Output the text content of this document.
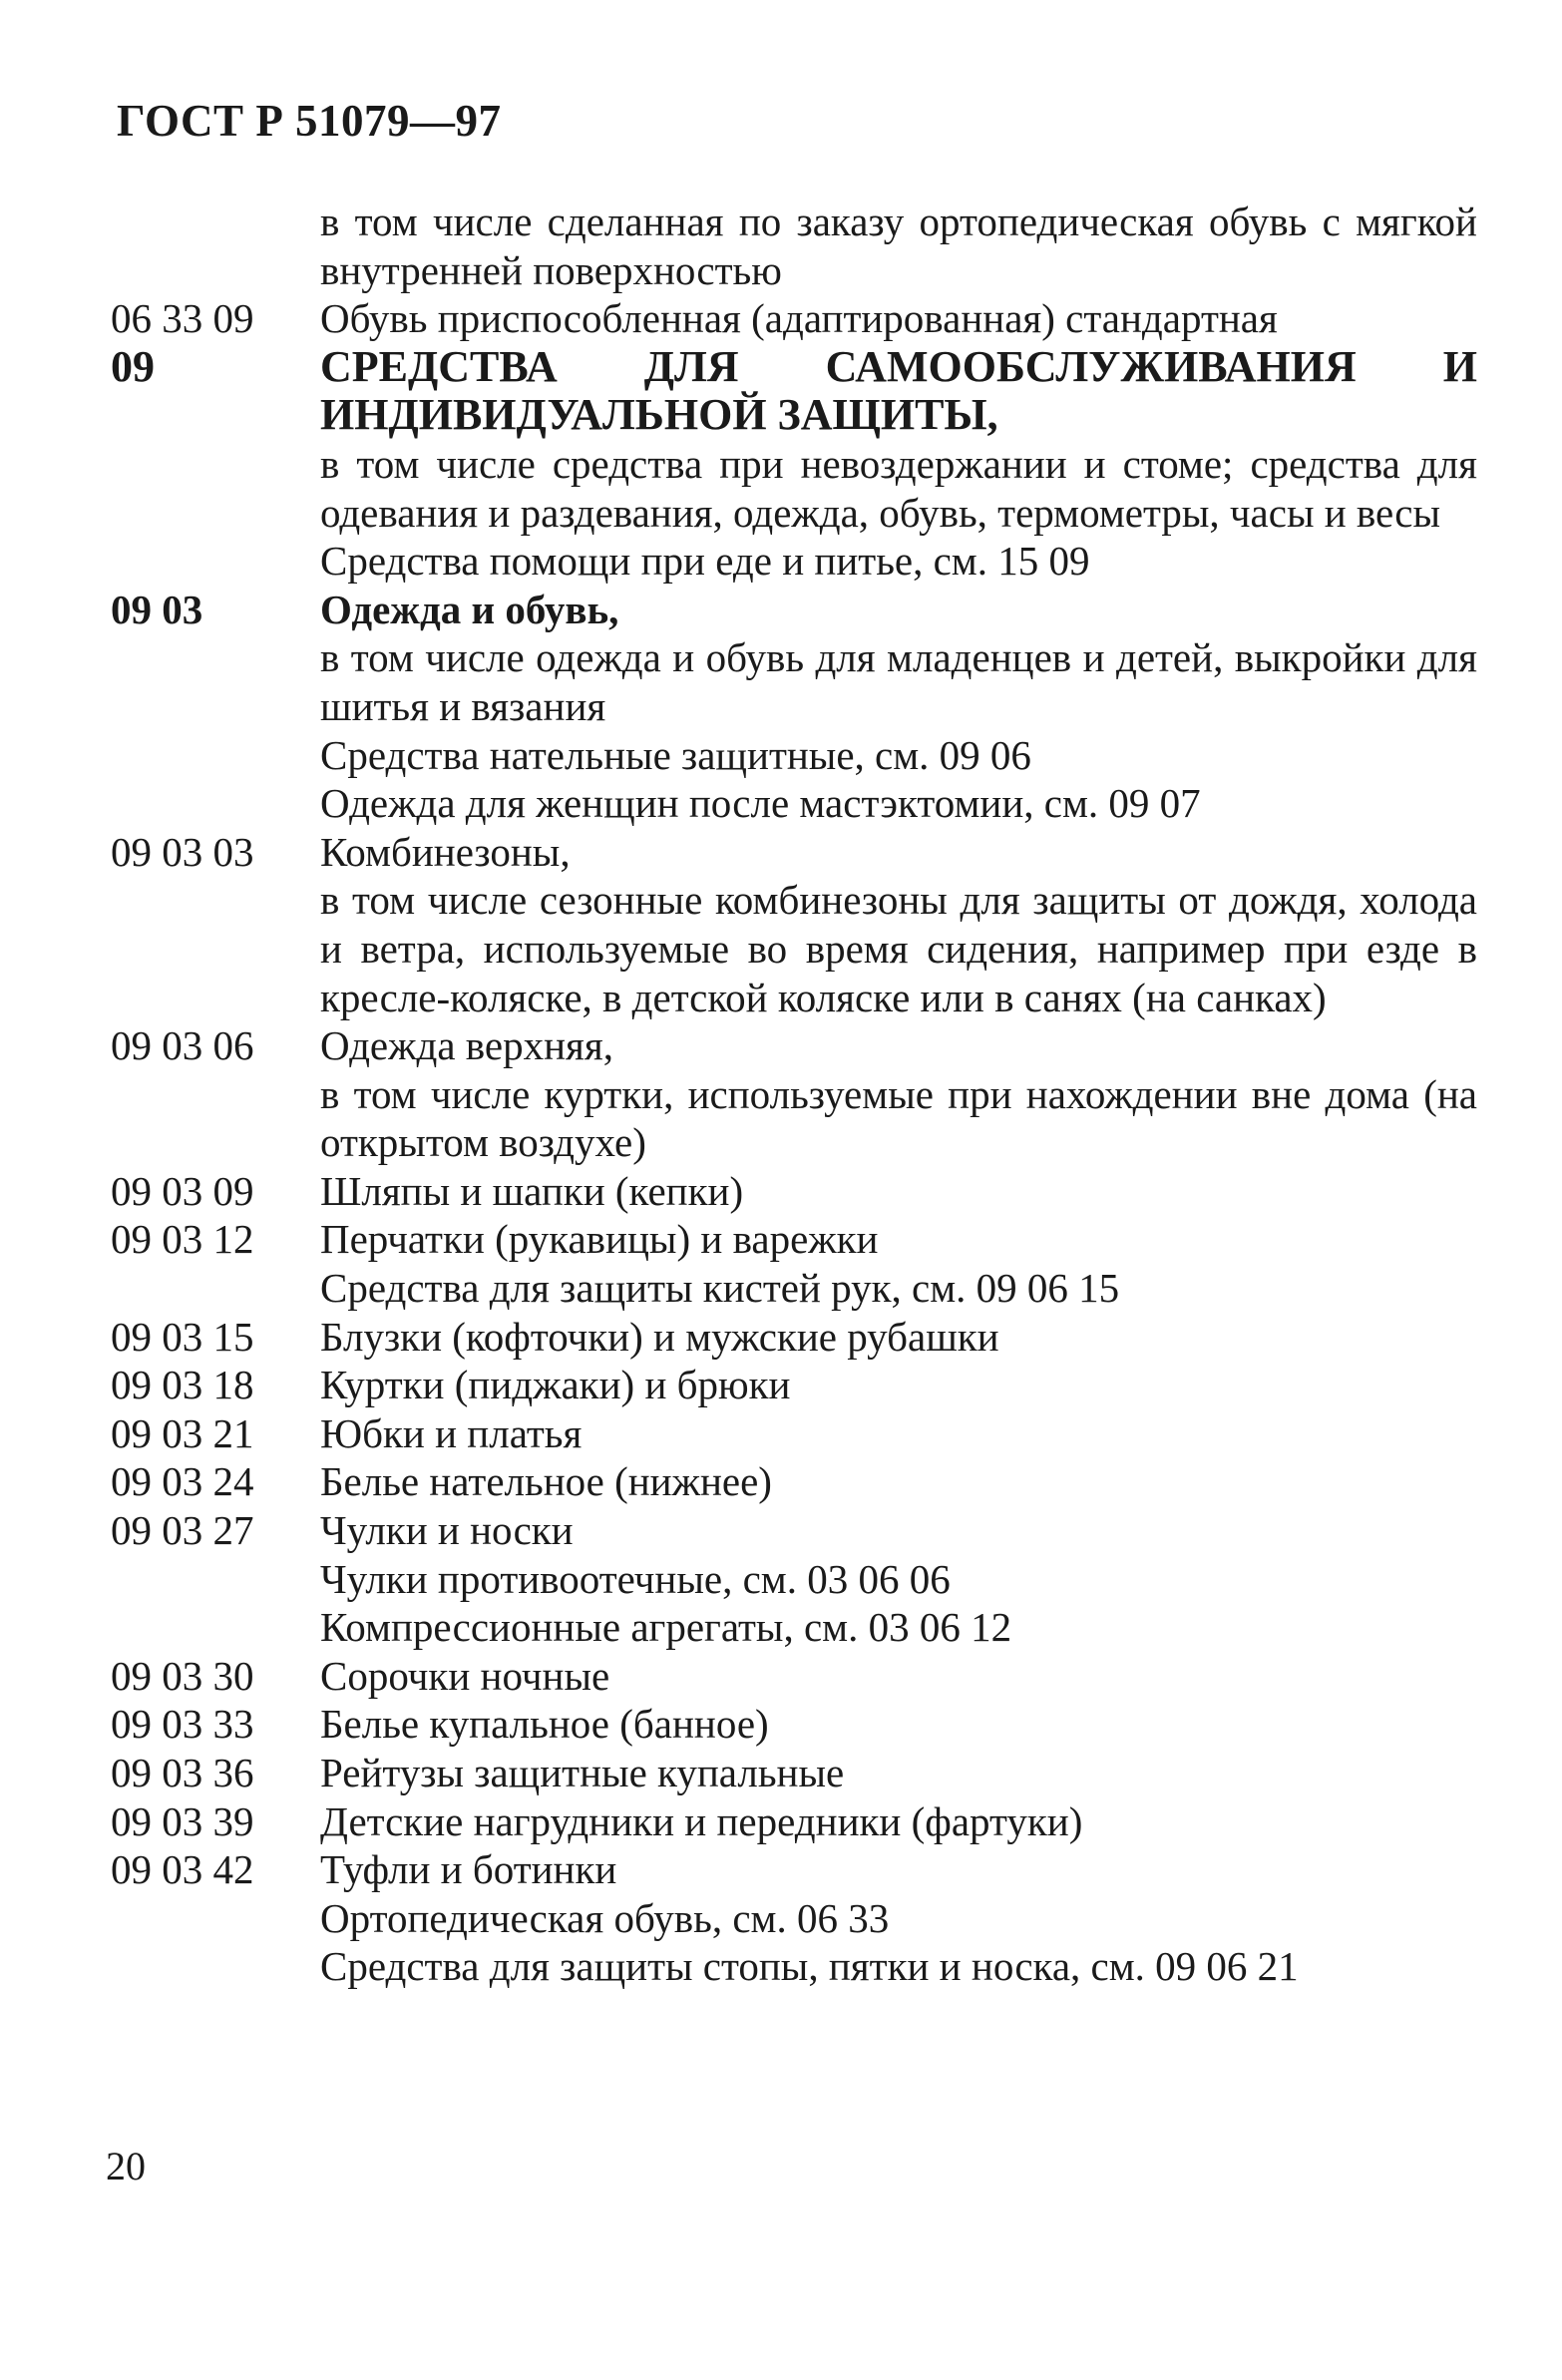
ГОСТ Р 51079—97
в том числе сделанная по заказу ортопедическая обувь с мягкой внутренней поверхностью
06 33 09	Обувь приспособленная (адаптированная) стандартная
09	СРЕДСТВА ДЛЯ САМООБСЛУЖИВАНИЯ И ИНДИВИДУАЛЬНОЙ ЗАЩИТЫ,
в том числе средства при невоздержании и стоме; средства для одевания и раздевания, одежда, обувь, термометры, часы и весы
Средства помощи при еде и питье, см. 15 09
09 03	Одежда и обувь,
в том числе одежда и обувь для младенцев и детей, выкройки для шитья и вязания
Средства нательные защитные, см. 09 06
Одежда для женщин после мастэктомии, см. 09 07
09 03 03	Комбинезоны,
в том числе сезонные комбинезоны для защиты от дождя, холода и ветра, используемые во время сидения, например при езде в кресле-коляске, в детской коляске или в санях (на санках)
09 03 06	Одежда верхняя,
в том числе куртки, используемые при нахождении вне дома (на открытом воздухе)
09 03 09	Шляпы и шапки (кепки)
09 03 12	Перчатки (рукавицы) и варежки
Средства для защиты кистей рук, см. 09 06 15
09 03 15	Блузки (кофточки) и мужские рубашки
09 03 18	Куртки (пиджаки) и брюки
09 03 21	Юбки и платья
09 03 24	Белье нательное (нижнее)
09 03 27	Чулки и носки
Чулки противоотечные, см. 03 06 06
Компрессионные агрегаты, см. 03 06 12
09 03 30	Сорочки ночные
09 03 33	Белье купальное (банное)
09 03 36	Рейтузы защитные купальные
09 03 39	Детские нагрудники и передники (фартуки)
09 03 42	Туфли и ботинки
Ортопедическая обувь, см. 06 33
Средства для защиты стопы, пятки и носка, см. 09 06 21
20
